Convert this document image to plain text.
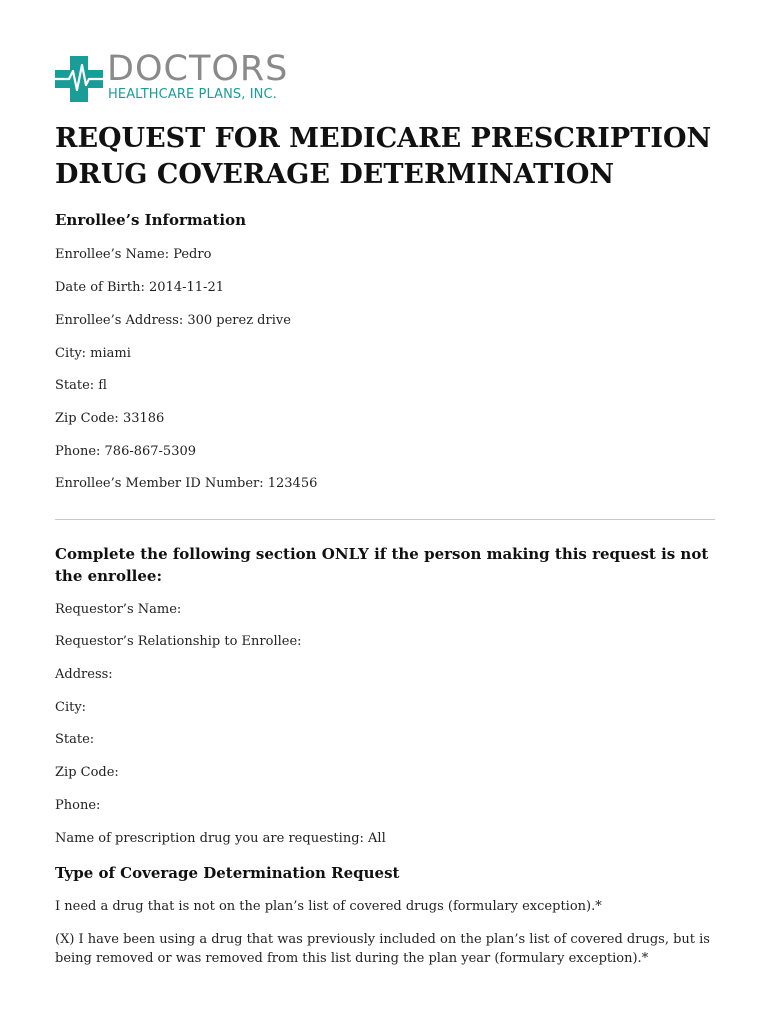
DOCTORS
HEALTHCARE PLANS, INC.
REQUEST FOR MEDICARE PRESCRIPTION
DRUG COVERAGE DETERMINATION
Enrollee’s Information
Enrollee’s Name: Pedro
Date of Birth: 2014-11-21
Enrollee’s Address: 300 perez drive
City: miami
State: fl
Zip Code: 33186
Phone: 786-867-5309
Enrollee’s Member ID Number: 123456
Complete the following section ONLY if the person making this request is not the enrollee:
Requestor’s Name:
Requestor’s Relationship to Enrollee:
Address:
City:
State:
Zip Code:
Phone:
Name of prescription drug you are requesting: All
Type of Coverage Determination Request
I need a drug that is not on the plan’s list of covered drugs (formulary exception).*
(X) I have been using a drug that was previously included on the plan’s list of covered drugs, but is being removed or was removed from this list during the plan year (formulary exception).*
